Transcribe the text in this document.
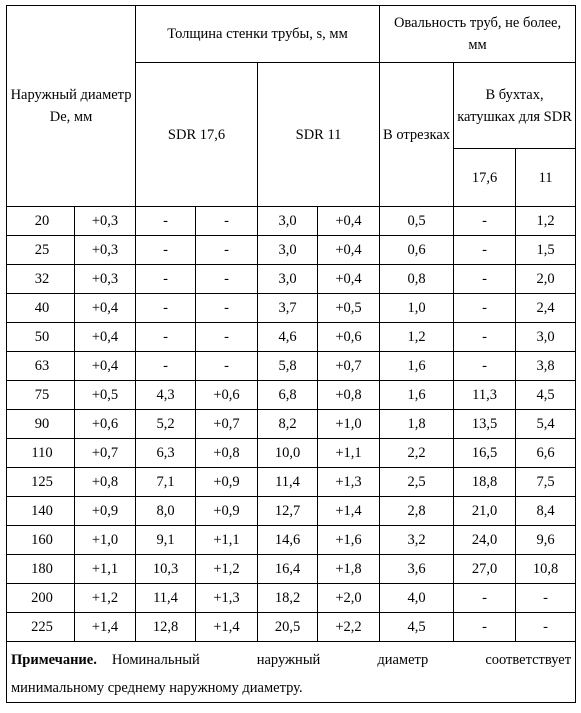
Наружный диаметр De, мм		Толщина стенки трубы, s, мм				Овальность труб, не более, мм		
		SDR 17,6		SDR 11		В отрезках	В бухтах, катушках для SDR	
							17,6	11
20	+0,3	-	-	3,0	+0,4	0,5	-	1,2
25	+0,3	-	-	3,0	+0,4	0,6	-	1,5
32	+0,3	-	-	3,0	+0,4	0,8	-	2,0
40	+0,4	-	-	3,7	+0,5	1,0	-	2,4
50	+0,4	-	-	4,6	+0,6	1,2	-	3,0
63	+0,4	-	-	5,8	+0,7	1,6	-	3,8
75	+0,5	4,3	+0,6	6,8	+0,8	1,6	11,3	4,5
90	+0,6	5,2	+0,7	8,2	+1,0	1,8	13,5	5,4
110	+0,7	6,3	+0,8	10,0	+1,1	2,2	16,5	6,6
125	+0,8	7,1	+0,9	11,4	+1,3	2,5	18,8	7,5
140	+0,9	8,0	+0,9	12,7	+1,4	2,8	21,0	8,4
160	+1,0	9,1	+1,1	14,6	+1,6	3,2	24,0	9,6
180	+1,1	10,3	+1,2	16,4	+1,8	3,6	27,0	10,8
200	+1,2	11,4	+1,3	18,2	+2,0	4,0	-	-
225	+1,4	12,8	+1,4	20,5	+2,2	4,5	-	-

Примечание. Номинальный наружный диаметр соответствует
минимальному среднему наружному диаметру.								
